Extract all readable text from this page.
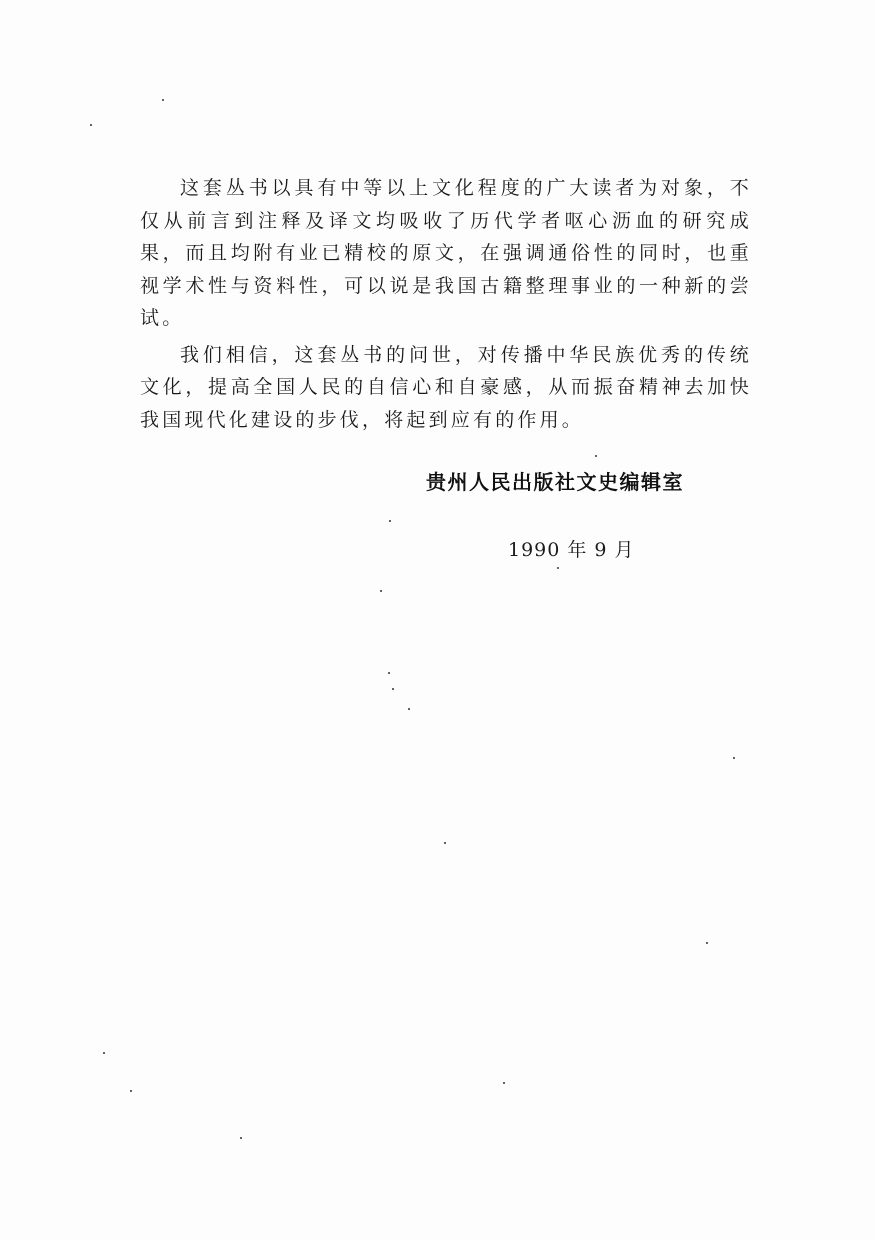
这套丛书以具有中等以上文化程度的广大读者为对象，不仅从前言到注释及译文均吸收了历代学者呕心沥血的研究成果，而且均附有业已精校的原文，在强调通俗性的同时，也重视学术性与资料性，可以说是我国古籍整理事业的一种新的尝试。

我们相信，这套丛书的问世，对传播中华民族优秀的传统文化，提高全国人民的自信心和自豪感，从而振奋精神去加快我国现代化建设的步伐，将起到应有的作用。

贵州人民出版社文史编辑室
1990 年 9 月
